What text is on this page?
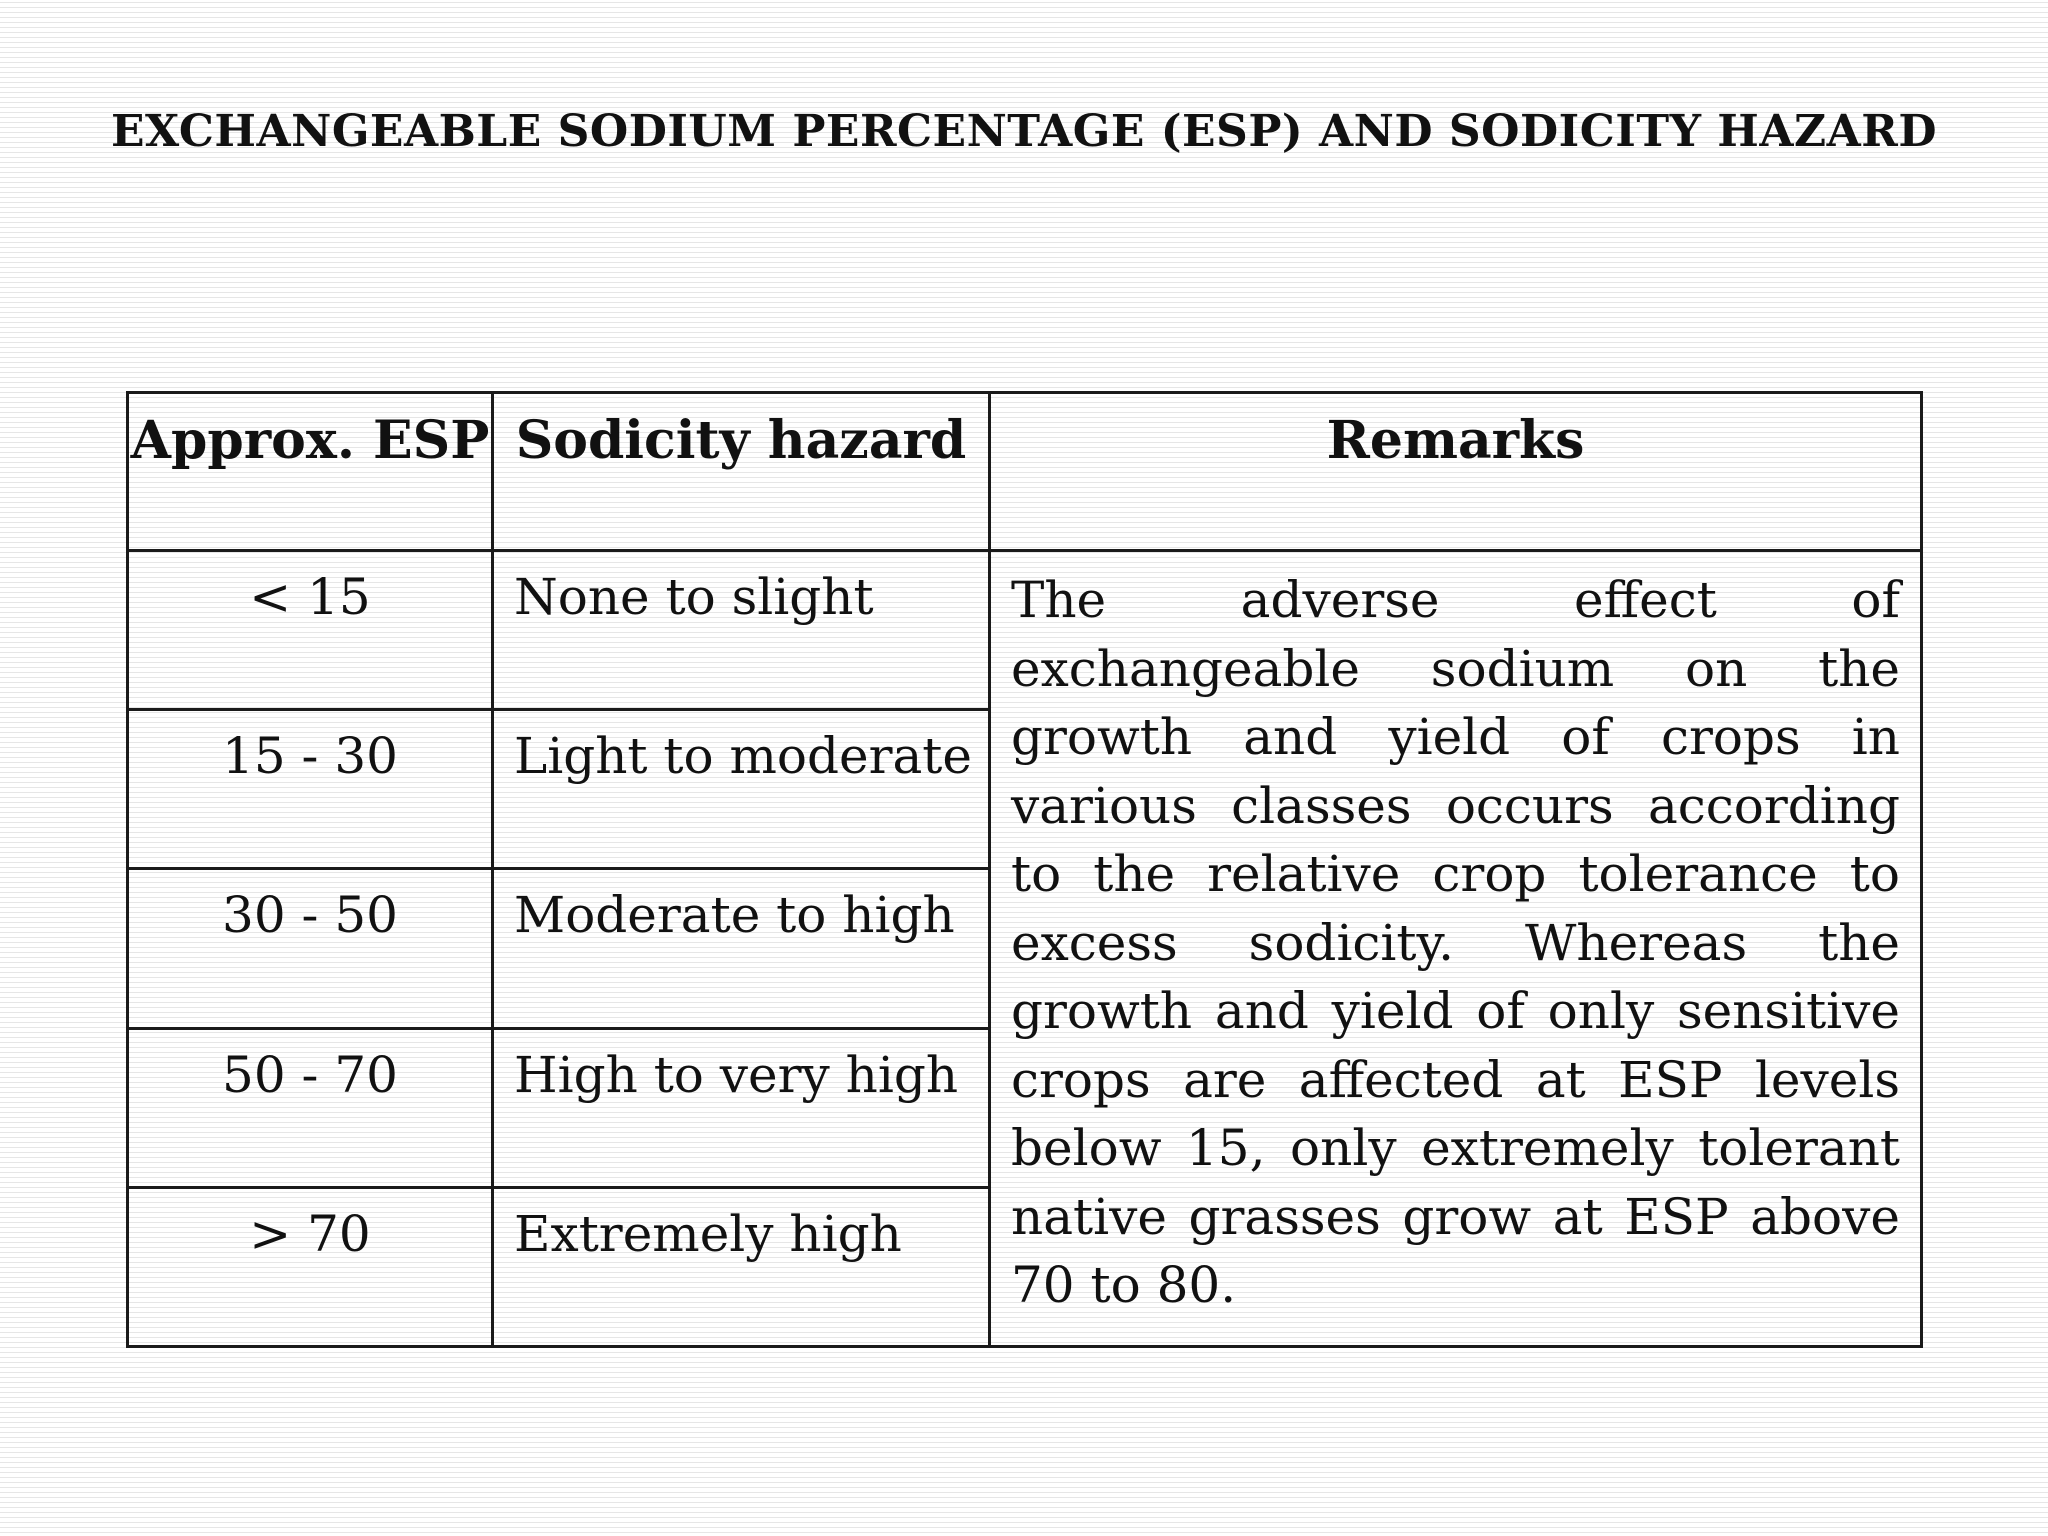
EXCHANGEABLE SODIUM PERCENTAGE (ESP) AND SODICITY HAZARD
Approx. ESP	Sodicity hazard	Remarks
< 15	None to slight	The adverse effect of exchangeable sodium on the growth and yield of crops in various classes occurs according to the relative crop tolerance to excess sodicity. Whereas the growth and yield of only sensitive crops are affected at ESP levels below 15, only extremely tolerant native grasses grow at ESP above 70 to 80.
15 - 30	Light to moderate	
30 - 50	Moderate to high	
50 - 70	High to very high	
> 70	Extremely high	
